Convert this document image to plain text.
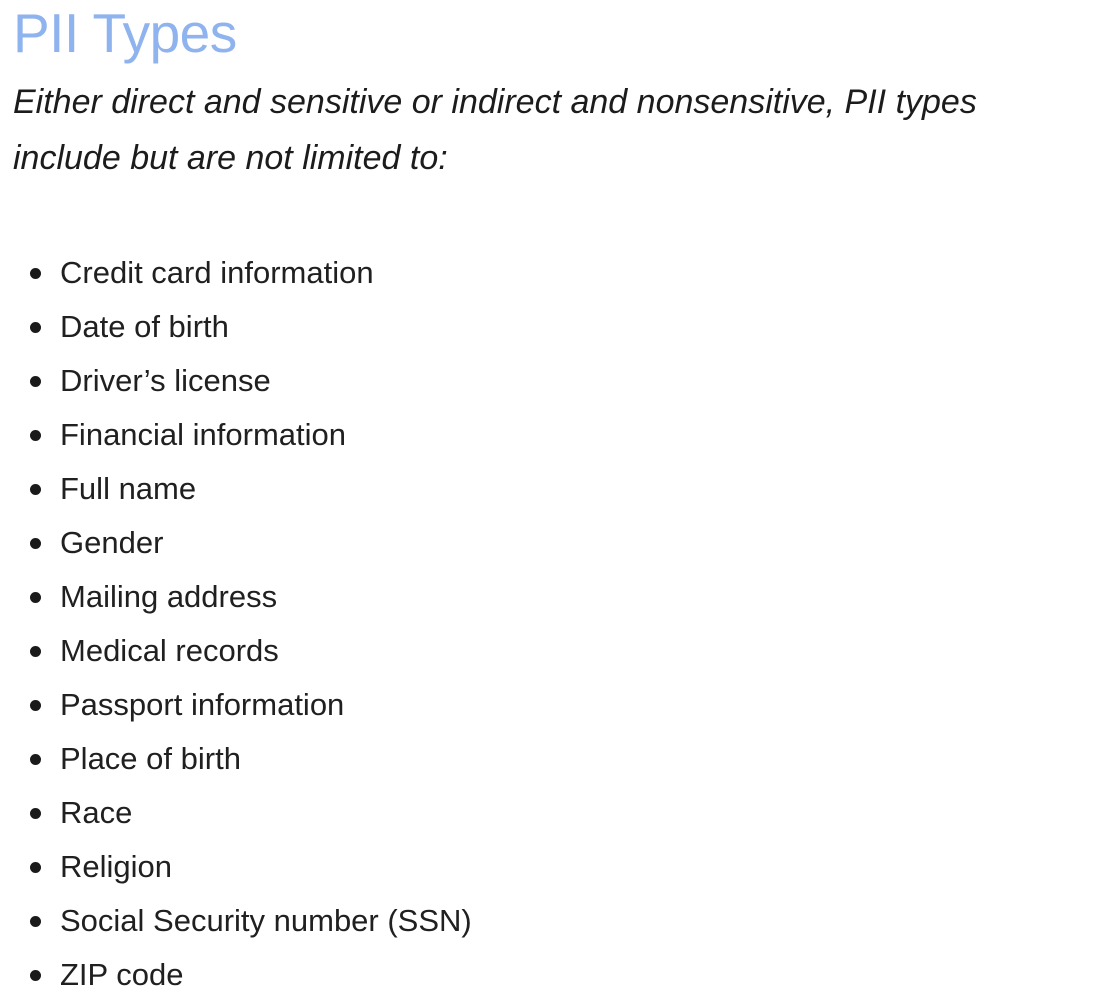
PII Types

Either direct and sensitive or indirect and nonsensitive, PII types include but are not limited to:

Credit card information
Date of birth
Driver’s license
Financial information
Full name
Gender
Mailing address
Medical records
Passport information
Place of birth
Race
Religion
Social Security number (SSN)
ZIP code
